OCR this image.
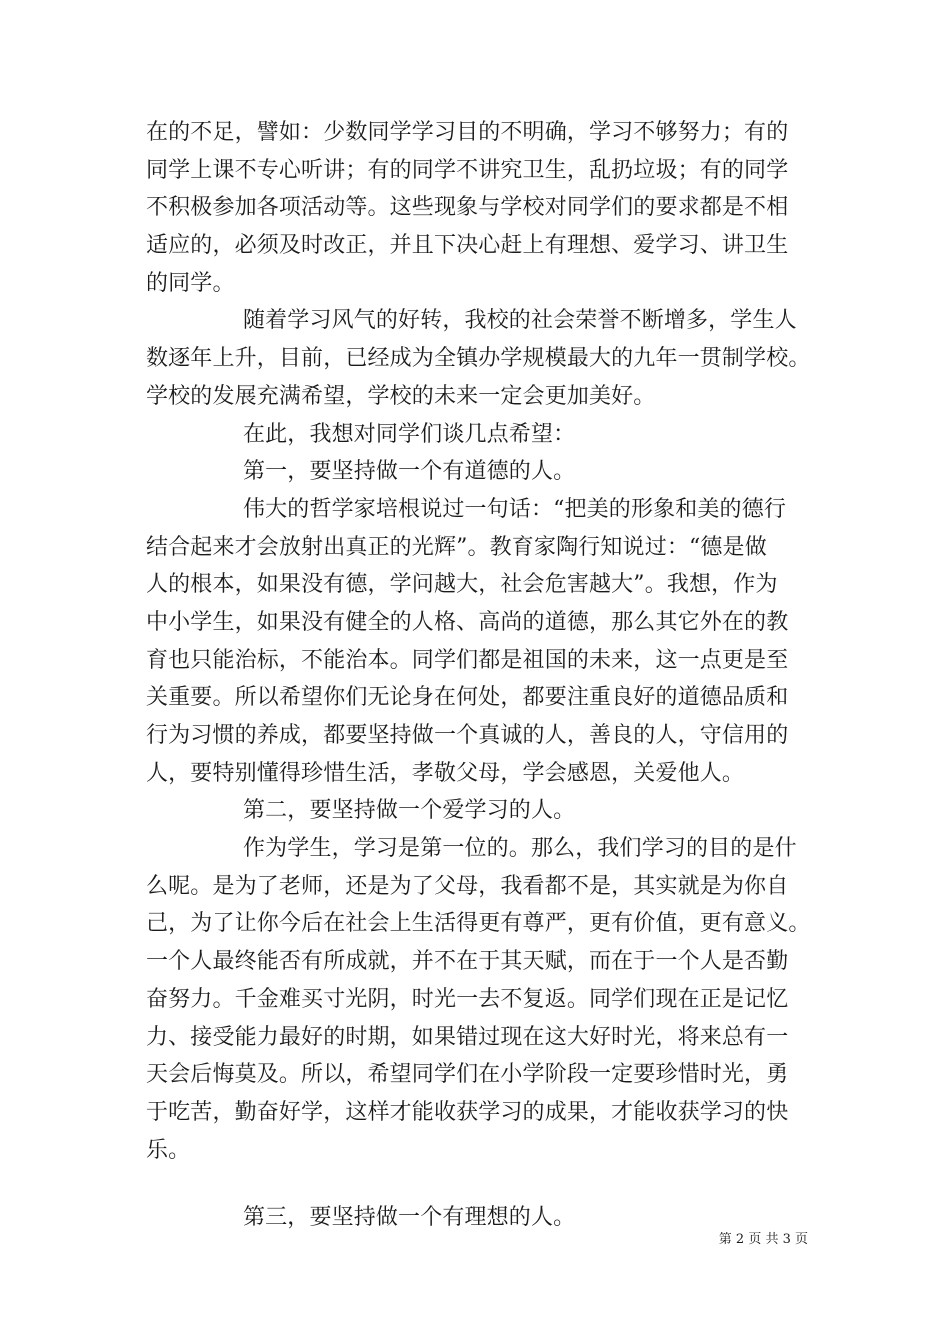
在的不足，譬如：少数同学学习目的不明确，学习不够努力；有的
同学上课不专心听讲；有的同学不讲究卫生，乱扔垃圾；有的同学
不积极参加各项活动等。这些现象与学校对同学们的要求都是不相
适应的，必须及时改正，并且下决心赶上有理想、爱学习、讲卫生
的同学。
随着学习风气的好转，我校的社会荣誉不断增多，学生人
数逐年上升，目前，已经成为全镇办学规模最大的九年一贯制学校。
学校的发展充满希望，学校的未来一定会更加美好。
在此，我想对同学们谈几点希望：
第一，要坚持做一个有道德的人。
伟大的哲学家培根说过一句话：“把美的形象和美的德行
结合起来才会放射出真正的光辉”。教育家陶行知说过：“德是做
人的根本，如果没有德，学问越大，社会危害越大”。我想，作为
中小学生，如果没有健全的人格、高尚的道德，那么其它外在的教
育也只能治标，不能治本。同学们都是祖国的未来，这一点更是至
关重要。所以希望你们无论身在何处，都要注重良好的道德品质和
行为习惯的养成，都要坚持做一个真诚的人，善良的人，守信用的
人，要特别懂得珍惜生活，孝敬父母，学会感恩，关爱他人。
第二，要坚持做一个爱学习的人。
作为学生，学习是第一位的。那么，我们学习的目的是什
么呢。是为了老师，还是为了父母，我看都不是，其实就是为你自
己，为了让你今后在社会上生活得更有尊严，更有价值，更有意义。
一个人最终能否有所成就，并不在于其天赋，而在于一个人是否勤
奋努力。千金难买寸光阴，时光一去不复返。同学们现在正是记忆
力、接受能力最好的时期，如果错过现在这大好时光，将来总有一
天会后悔莫及。所以，希望同学们在小学阶段一定要珍惜时光，勇
于吃苦，勤奋好学，这样才能收获学习的成果，才能收获学习的快
乐。
第三，要坚持做一个有理想的人。
第 2 页 共 3 页
